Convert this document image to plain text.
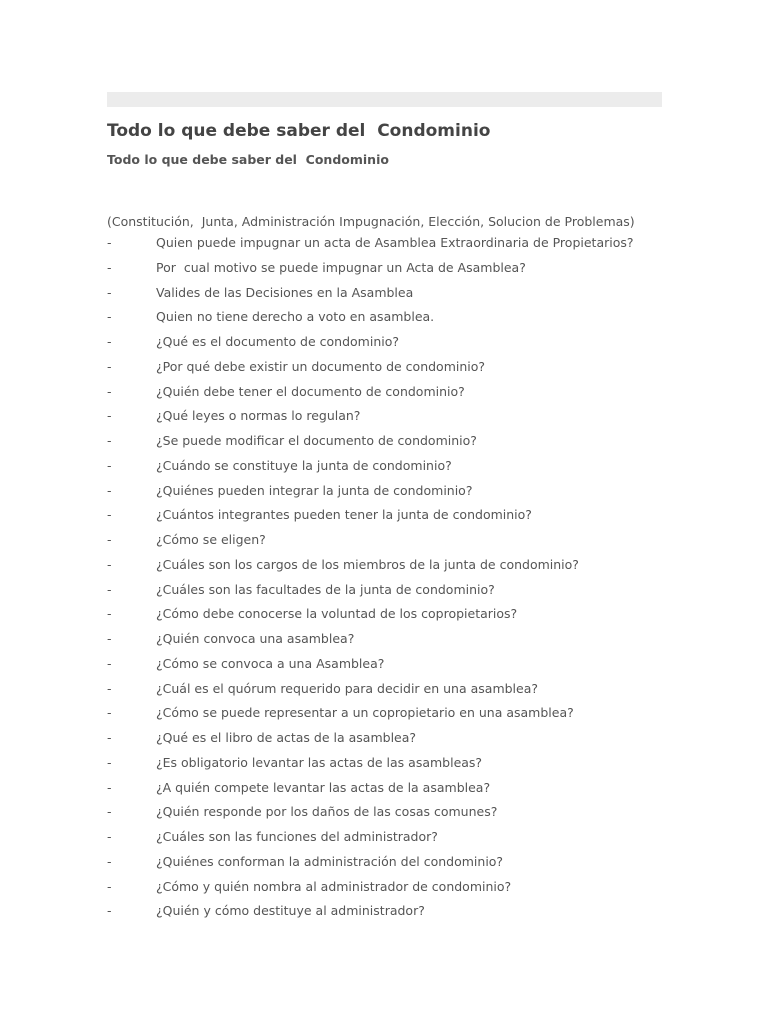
Todo lo que debe saber del  Condominio
Todo lo que debe saber del  Condominio

(Constitución,  Junta, Administración Impugnación, Elección, Solucion de Problemas)

-	Quien puede impugnar un acta de Asamblea Extraordinaria de Propietarios?
-	Por  cual motivo se puede impugnar un Acta de Asamblea?
-	Valides de las Decisiones en la Asamblea
-	Quien no tiene derecho a voto en asamblea.
-	¿Qué es el documento de condominio?
-	¿Por qué debe existir un documento de condominio?
-	¿Quién debe tener el documento de condominio?
-	¿Qué leyes o normas lo regulan?
-	¿Se puede modificar el documento de condominio?
-	¿Cuándo se constituye la junta de condominio?
-	¿Quiénes pueden integrar la junta de condominio?
-	¿Cuántos integrantes pueden tener la junta de condominio?
-	¿Cómo se eligen?
-	¿Cuáles son los cargos de los miembros de la junta de condominio?
-	¿Cuáles son las facultades de la junta de condominio?
-	¿Cómo debe conocerse la voluntad de los copropietarios?
-	¿Quién convoca una asamblea?
-	¿Cómo se convoca a una Asamblea?
-	¿Cuál es el quórum requerido para decidir en una asamblea?
-	¿Cómo se puede representar a un copropietario en una asamblea?
-	¿Qué es el libro de actas de la asamblea?
-	¿Es obligatorio levantar las actas de las asambleas?
-	¿A quién compete levantar las actas de la asamblea?
-	¿Quién responde por los daños de las cosas comunes?
-	¿Cuáles son las funciones del administrador?
-	¿Quiénes conforman la administración del condominio?
-	¿Cómo y quién nombra al administrador de condominio?
-	¿Quién y cómo destituye al administrador?
